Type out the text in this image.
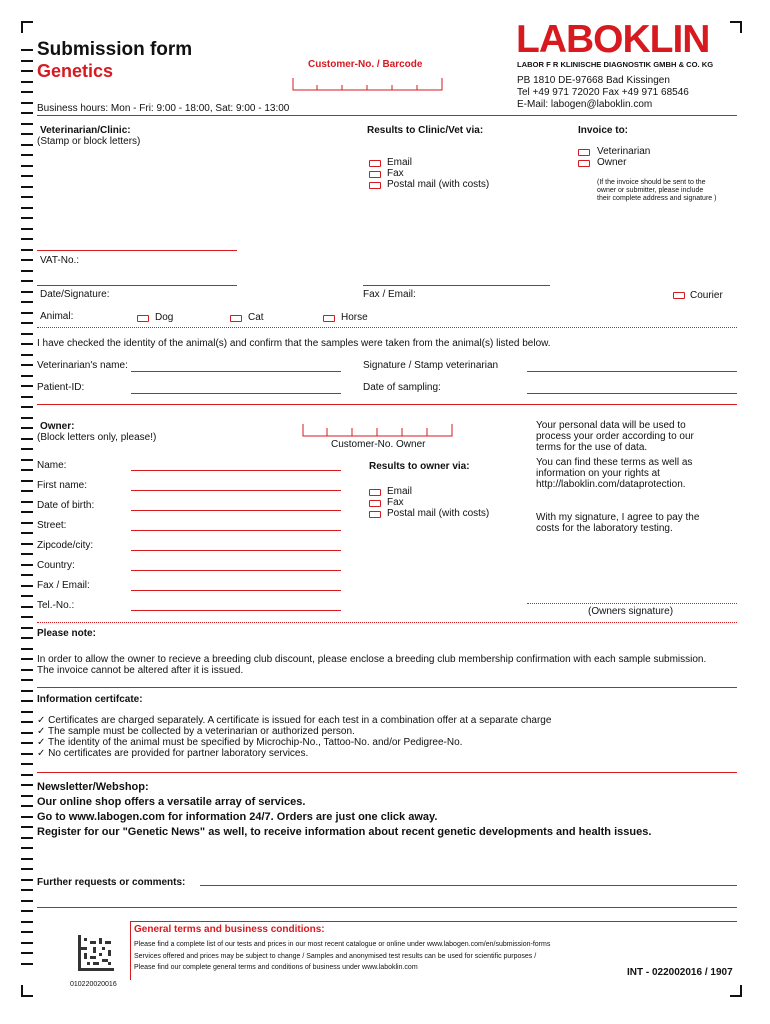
Submission form
Genetics	Customer-No. / Barcode
LABOKLIN
LABOR F R KLINISCHE DIAGNOSTIK GMBH & CO. KG
PB 1810 DE-97668 Bad Kissingen
Tel +49 971 72020 Fax +49 971 68546
E-Mail: labogen@laboklin.com
Business hours: Mon - Fri: 9:00 - 18:00, Sat: 9:00 - 13:00
Veterinarian/Clinic:
(Stamp or block letters)
Results to Clinic/Vet via:
Email
Fax
Postal mail (with costs)
Invoice to:
Veterinarian
Owner
(If the invoice should be sent to the
owner or submitter, please include
their complete address and signature )
VAT-No.:
Date/Signature:	Fax / Email:	Courier
Animal:	Dog	Cat	Horse
I have checked the identity of the animal(s) and confirm that the samples were taken from the animal(s) listed below.
Veterinarian's name:	Signature / Stamp veterinarian
Patient-ID:	Date of sampling:
Owner:
(Block letters only, please!)
Customer-No. Owner
Your personal data will be used to
process your order according to our
terms for the use of data.
You can find these terms as well as
information on your rights at
http://laboklin.com/dataprotection.
Name:
First name:
Date of birth:
Street:
Zipcode/city:
Country:
Fax / Email:
Tel.-No.:
Results to owner via:
Email
Fax
Postal mail (with costs)	With my signature, I agree to pay the
costs for the laboratory testing.
(Owners signature)
Please note:
In order to allow the owner to recieve a breeding club discount, please enclose a breeding club membership confirmation with each sample submission.
The invoice cannot be altered after it is issued.
Information certifcate:
✓ Certificates are charged separately. A certificate is issued for each test in a combination offer at a separate charge
✓ The sample must be collected by a veterinarian or authorized person.
✓ The identity of the animal must be specified by Microchip-No., Tattoo-No. and/or Pedigree-No.
✓ No certificates are provided for partner laboratory services.
Newsletter/Webshop:
Our online shop offers a versatile array of services.
Go to www.labogen.com for information 24/7. Orders are just one click away.
Register for our "Genetic News" as well, to receive information about recent genetic developments and health issues.
Further requests or comments:
General terms and business conditions:
Please find a complete list of our tests and prices in our most recent catalogue or online under www.labogen.com/en/submission-forms
Services offered and prices may be subject to change / Samples and anonymised test results can be used for scientific purposes /
Please find our complete general terms and conditions of business under www.laboklin.com	INT - 022002016 / 1907
010220020016
